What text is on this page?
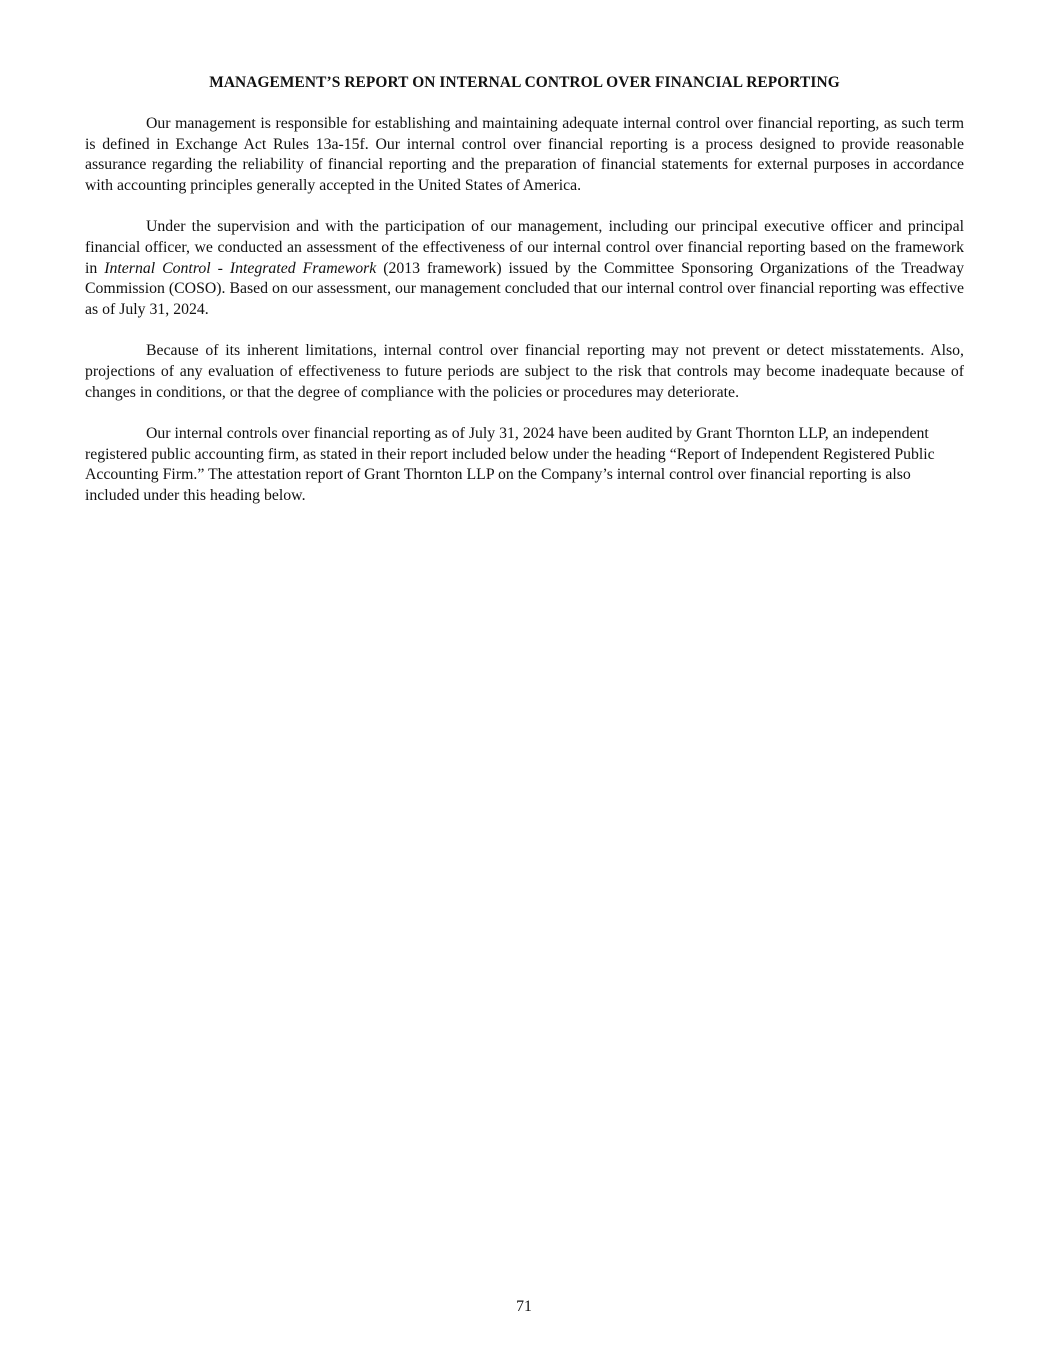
MANAGEMENT’S REPORT ON INTERNAL CONTROL OVER FINANCIAL REPORTING

Our management is responsible for establishing and maintaining adequate internal control over financial reporting, as such term is defined in Exchange Act Rules 13a-15f. Our internal control over financial reporting is a process designed to provide reasonable assurance regarding the reliability of financial reporting and the preparation of financial statements for external purposes in accordance with accounting principles generally accepted in the United States of America.

Under the supervision and with the participation of our management, including our principal executive officer and principal financial officer, we conducted an assessment of the effectiveness of our internal control over financial reporting based on the framework in Internal Control - Integrated Framework (2013 framework) issued by the Committee Sponsoring Organizations of the Treadway Commission (COSO). Based on our assessment, our management concluded that our internal control over financial reporting was effective as of July 31, 2024.

Because of its inherent limitations, internal control over financial reporting may not prevent or detect misstatements. Also, projections of any evaluation of effectiveness to future periods are subject to the risk that controls may become inadequate because of changes in conditions, or that the degree of compliance with the policies or procedures may deteriorate.

Our internal controls over financial reporting as of July 31, 2024 have been audited by Grant Thornton LLP, an independent registered public accounting firm, as stated in their report included below under the heading “Report of Independent Registered Public Accounting Firm.” The attestation report of Grant Thornton LLP on the Company’s internal control over financial reporting is also included under this heading below.

71
